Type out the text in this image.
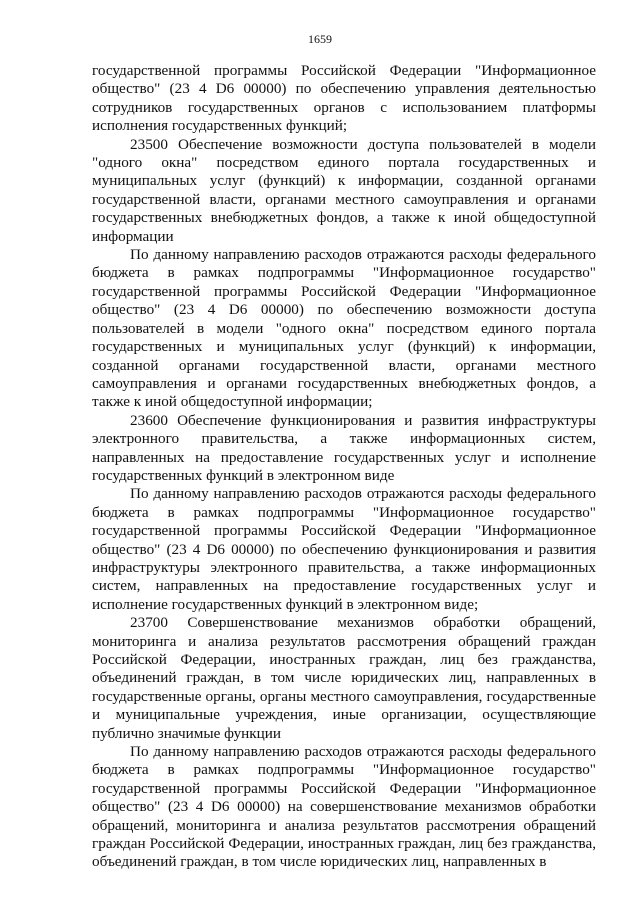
1659

государственной программы Российской Федерации "Информационное общество" (23 4 D6 00000) по обеспечению управления деятельностью сотрудников государственных органов с использованием платформы исполнения государственных функций;

23500 Обеспечение возможности доступа пользователей в модели "одного окна" посредством единого портала государственных и муниципальных услуг (функций) к информации, созданной органами государственной власти, органами местного самоуправления и органами государственных внебюджетных фондов, а также к иной общедоступной информации

По данному направлению расходов отражаются расходы федерального бюджета в рамках подпрограммы "Информационное государство" государственной программы Российской Федерации "Информационное общество" (23 4 D6 00000) по обеспечению возможности доступа пользователей в модели "одного окна" посредством единого портала государственных и муниципальных услуг (функций) к информации, созданной органами государственной власти, органами местного самоуправления и органами государственных внебюджетных фондов, а также к иной общедоступной информации;

23600 Обеспечение функционирования и развития инфраструктуры электронного правительства, а также информационных систем, направленных на предоставление государственных услуг и исполнение государственных функций в электронном виде

По данному направлению расходов отражаются расходы федерального бюджета в рамках подпрограммы "Информационное государство" государственной программы Российской Федерации "Информационное общество" (23 4 D6 00000) по обеспечению функционирования и развития инфраструктуры электронного правительства, а также информационных систем, направленных на предоставление государственных услуг и исполнение государственных функций в электронном виде;

23700 Совершенствование механизмов обработки обращений, мониторинга и анализа результатов рассмотрения обращений граждан Российской Федерации, иностранных граждан, лиц без гражданства, объединений граждан, в том числе юридических лиц, направленных в государственные органы, органы местного самоуправления, государственные и муниципальные учреждения, иные организации, осуществляющие публично значимые функции

По данному направлению расходов отражаются расходы федерального бюджета в рамках подпрограммы "Информационное государство" государственной программы Российской Федерации "Информационное общество" (23 4 D6 00000) на совершенствование механизмов обработки обращений, мониторинга и анализа результатов рассмотрения обращений граждан Российской Федерации, иностранных граждан, лиц без гражданства, объединений граждан, в том числе юридических лиц, направленных в
